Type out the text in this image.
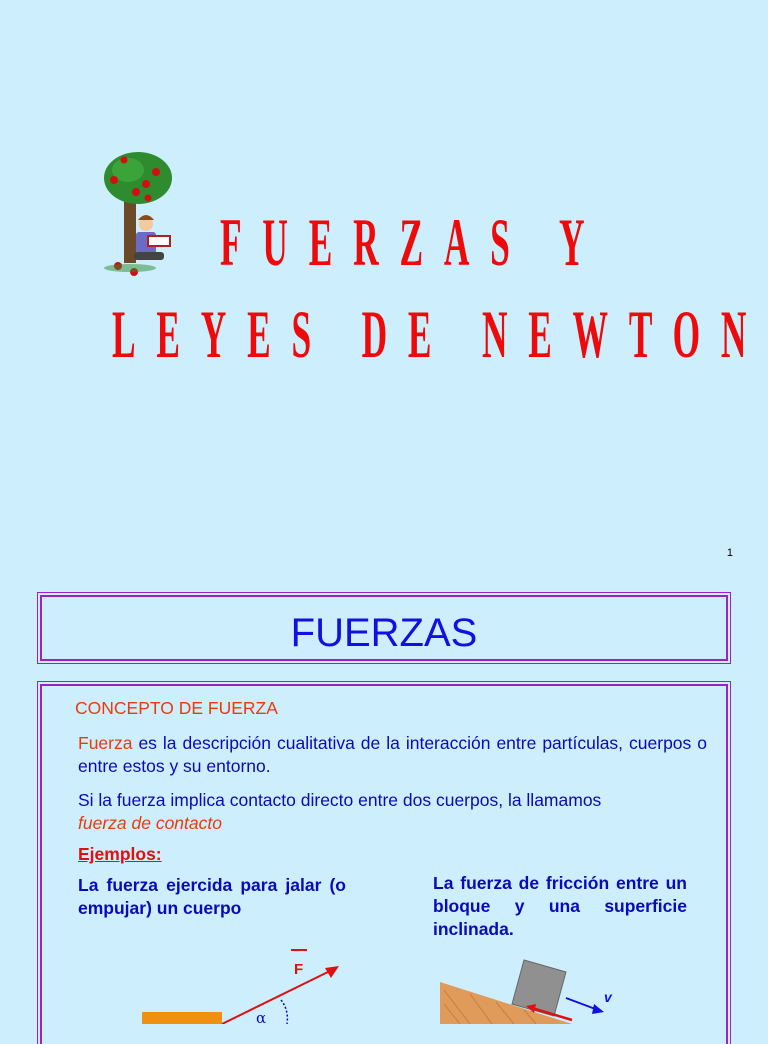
FUERZAS Y
LEYES DE NEWTON
1
FUERZAS
CONCEPTO DE FUERZA
Fuerza es la descripción cualitativa de la interacción entre partículas, cuerpos o entre estos y su entorno.
Si la fuerza implica contacto directo entre dos cuerpos, la llamamos
fuerza de contacto
Ejemplos:
La fuerza ejercida para jalar (o empujar) un cuerpo
La fuerza de fricción entre un bloque y una superficie inclinada.
F
α
v
